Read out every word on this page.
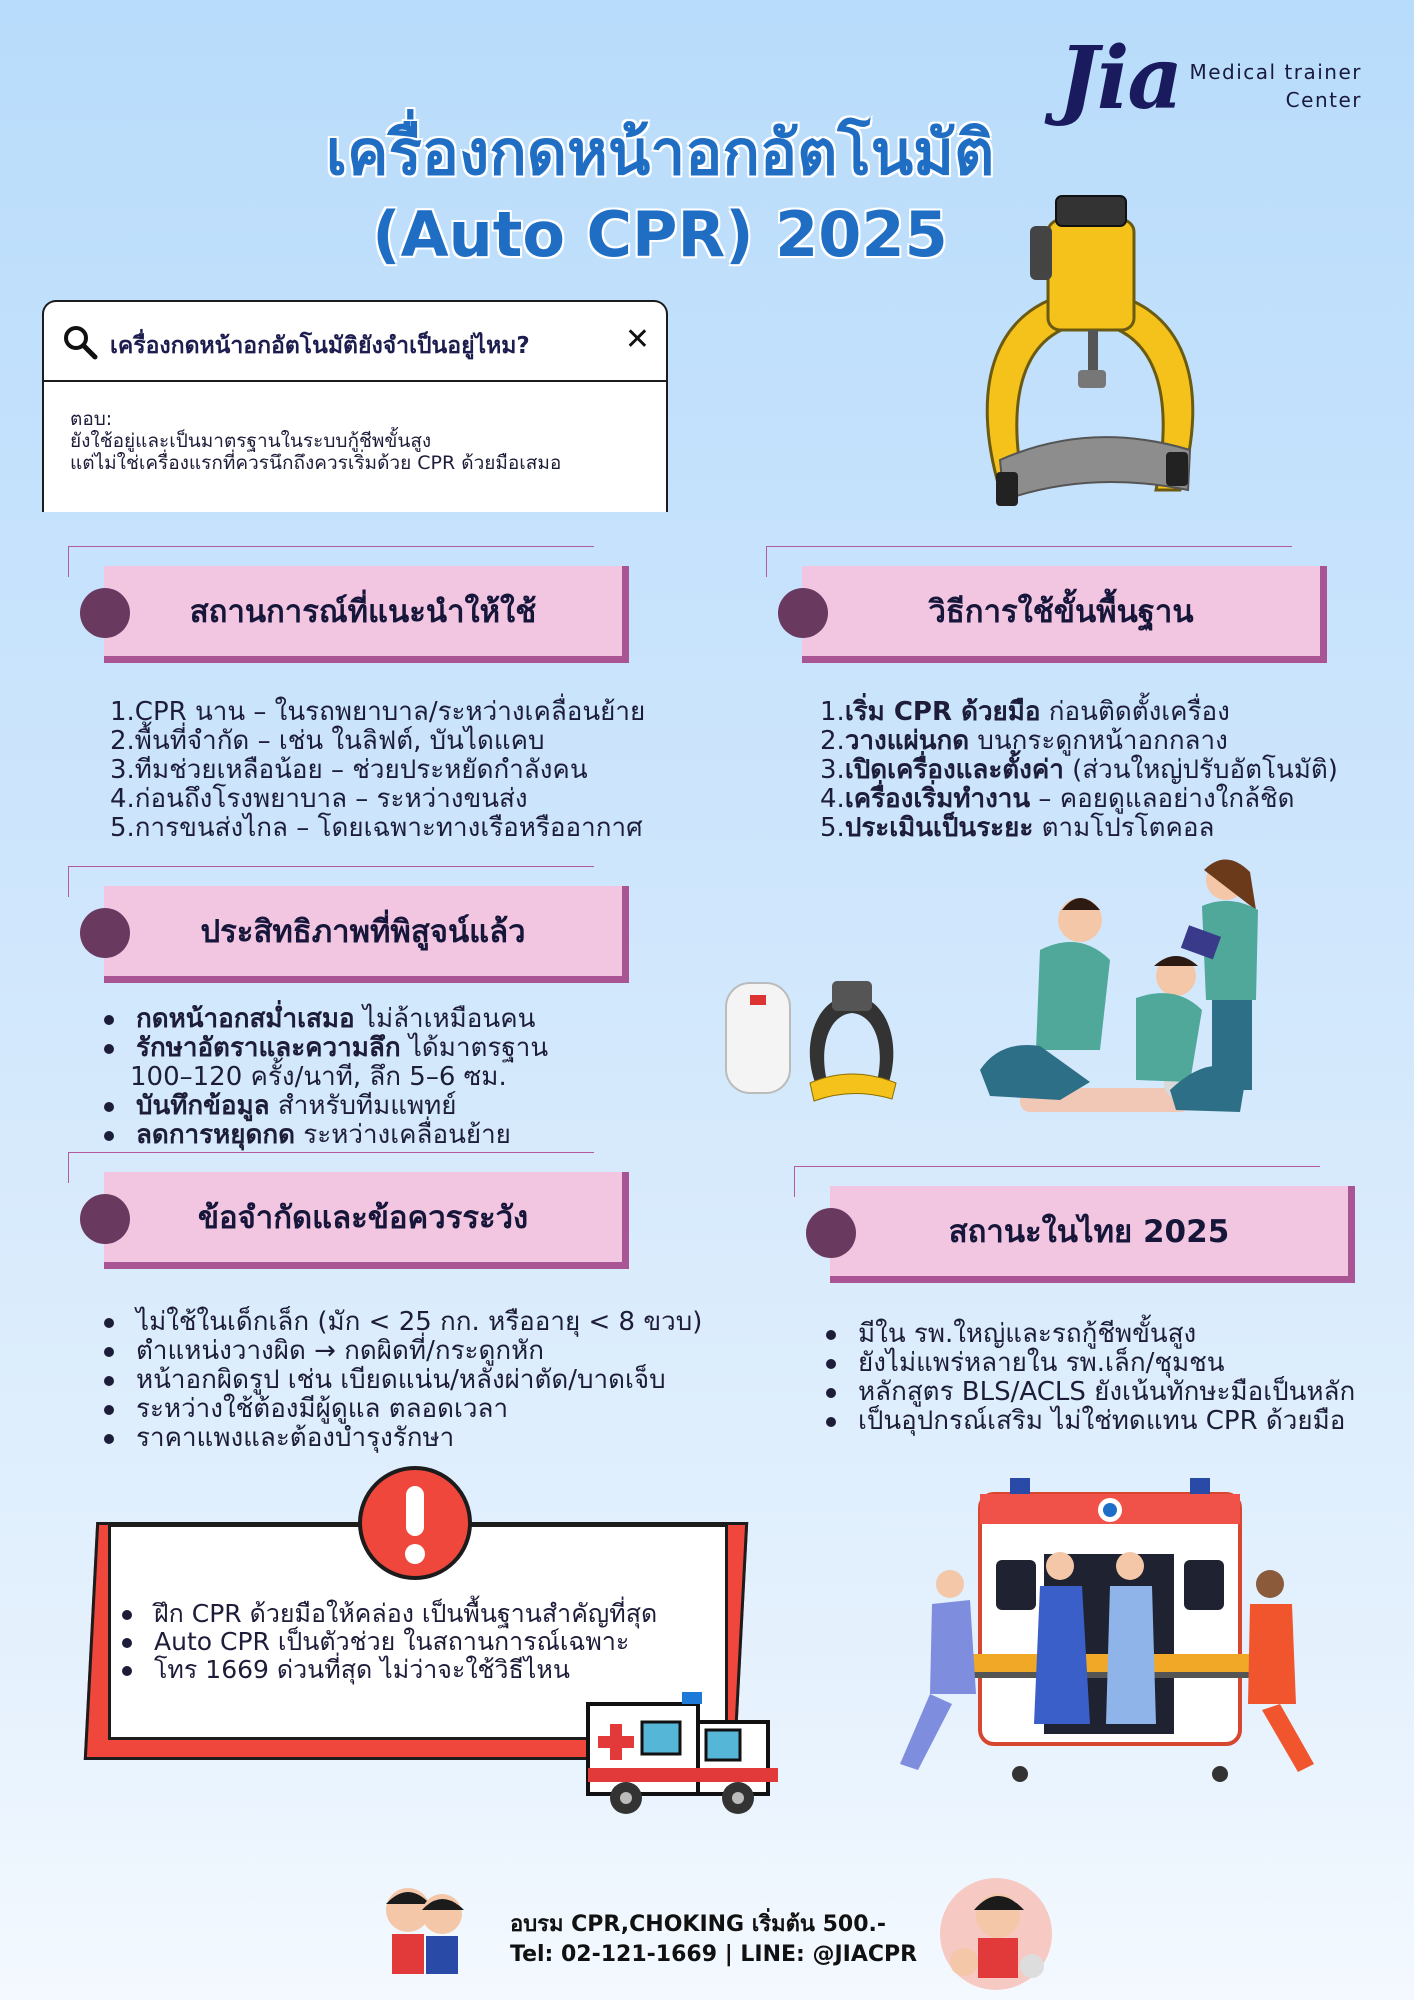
Jia Medical trainer
Center
เครื่องกดหน้าอกอัตโนมัติ
(Auto CPR) 2025
เครื่องกดหน้าอกอัตโนมัติยังจำเป็นอยู่ไหม?	✕
ตอบ:
ยังใช้อยู่และเป็นมาตรฐานในระบบกู้ชีพขั้นสูง
แต่ไม่ใช่เครื่องแรกที่ควรนึกถึงควรเริ่มด้วย CPR ด้วยมือเสมอ
สถานการณ์ที่แนะนำให้ใช้
1.CPR นาน – ในรถพยาบาล/ระหว่างเคลื่อนย้าย
2.พื้นที่จำกัด – เช่น ในลิฟต์, บันไดแคบ
3.ทีมช่วยเหลือน้อย – ช่วยประหยัดกำลังคน
4.ก่อนถึงโรงพยาบาล – ระหว่างขนส่ง
5.การขนส่งไกล – โดยเฉพาะทางเรือหรืออากาศ
วิธีการใช้ขั้นพื้นฐาน
1.เริ่ม CPR ด้วยมือ ก่อนติดตั้งเครื่อง
2.วางแผ่นกด บนกระดูกหน้าอกกลาง
3.เปิดเครื่องและตั้งค่า (ส่วนใหญ่ปรับอัตโนมัติ)
4.เครื่องเริ่มทำงาน – คอยดูแลอย่างใกล้ชิด
5.ประเมินเป็นระยะ ตามโปรโตคอล
ประสิทธิภาพที่พิสูจน์แล้ว
กดหน้าอกสม่ำเสมอ ไม่ล้าเหมือนคน
รักษาอัตราและความลึก ได้มาตรฐาน
100–120 ครั้ง/นาที, ลึก 5–6 ซม.
บันทึกข้อมูล สำหรับทีมแพทย์
ลดการหยุดกด ระหว่างเคลื่อนย้าย
ข้อจำกัดและข้อควรระวัง
ไม่ใช้ในเด็กเล็ก (มัก < 25 กก. หรืออายุ < 8 ขวบ)
ตำแหน่งวางผิด → กดผิดที่/กระดูกหัก
หน้าอกผิดรูป เช่น เบียดแน่น/หลังผ่าตัด/บาดเจ็บ
ระหว่างใช้ต้องมีผู้ดูแล ตลอดเวลา
ราคาแพงและต้องบำรุงรักษา
สถานะในไทย 2025
มีใน รพ.ใหญ่และรถกู้ชีพขั้นสูง
ยังไม่แพร่หลายใน รพ.เล็ก/ชุมชน
หลักสูตร BLS/ACLS ยังเน้นทักษะมือเป็นหลัก
เป็นอุปกรณ์เสริม ไม่ใช่ทดแทน CPR ด้วยมือ
ฝึก CPR ด้วยมือให้คล่อง เป็นพื้นฐานสำคัญที่สุด
Auto CPR เป็นตัวช่วย ในสถานการณ์เฉพาะ
โทร 1669 ด่วนที่สุด ไม่ว่าจะใช้วิธีไหน
อบรม CPR,CHOKING เริ่มต้น 500.-
Tel: 02-121-1669 | LINE: @JIACPR
